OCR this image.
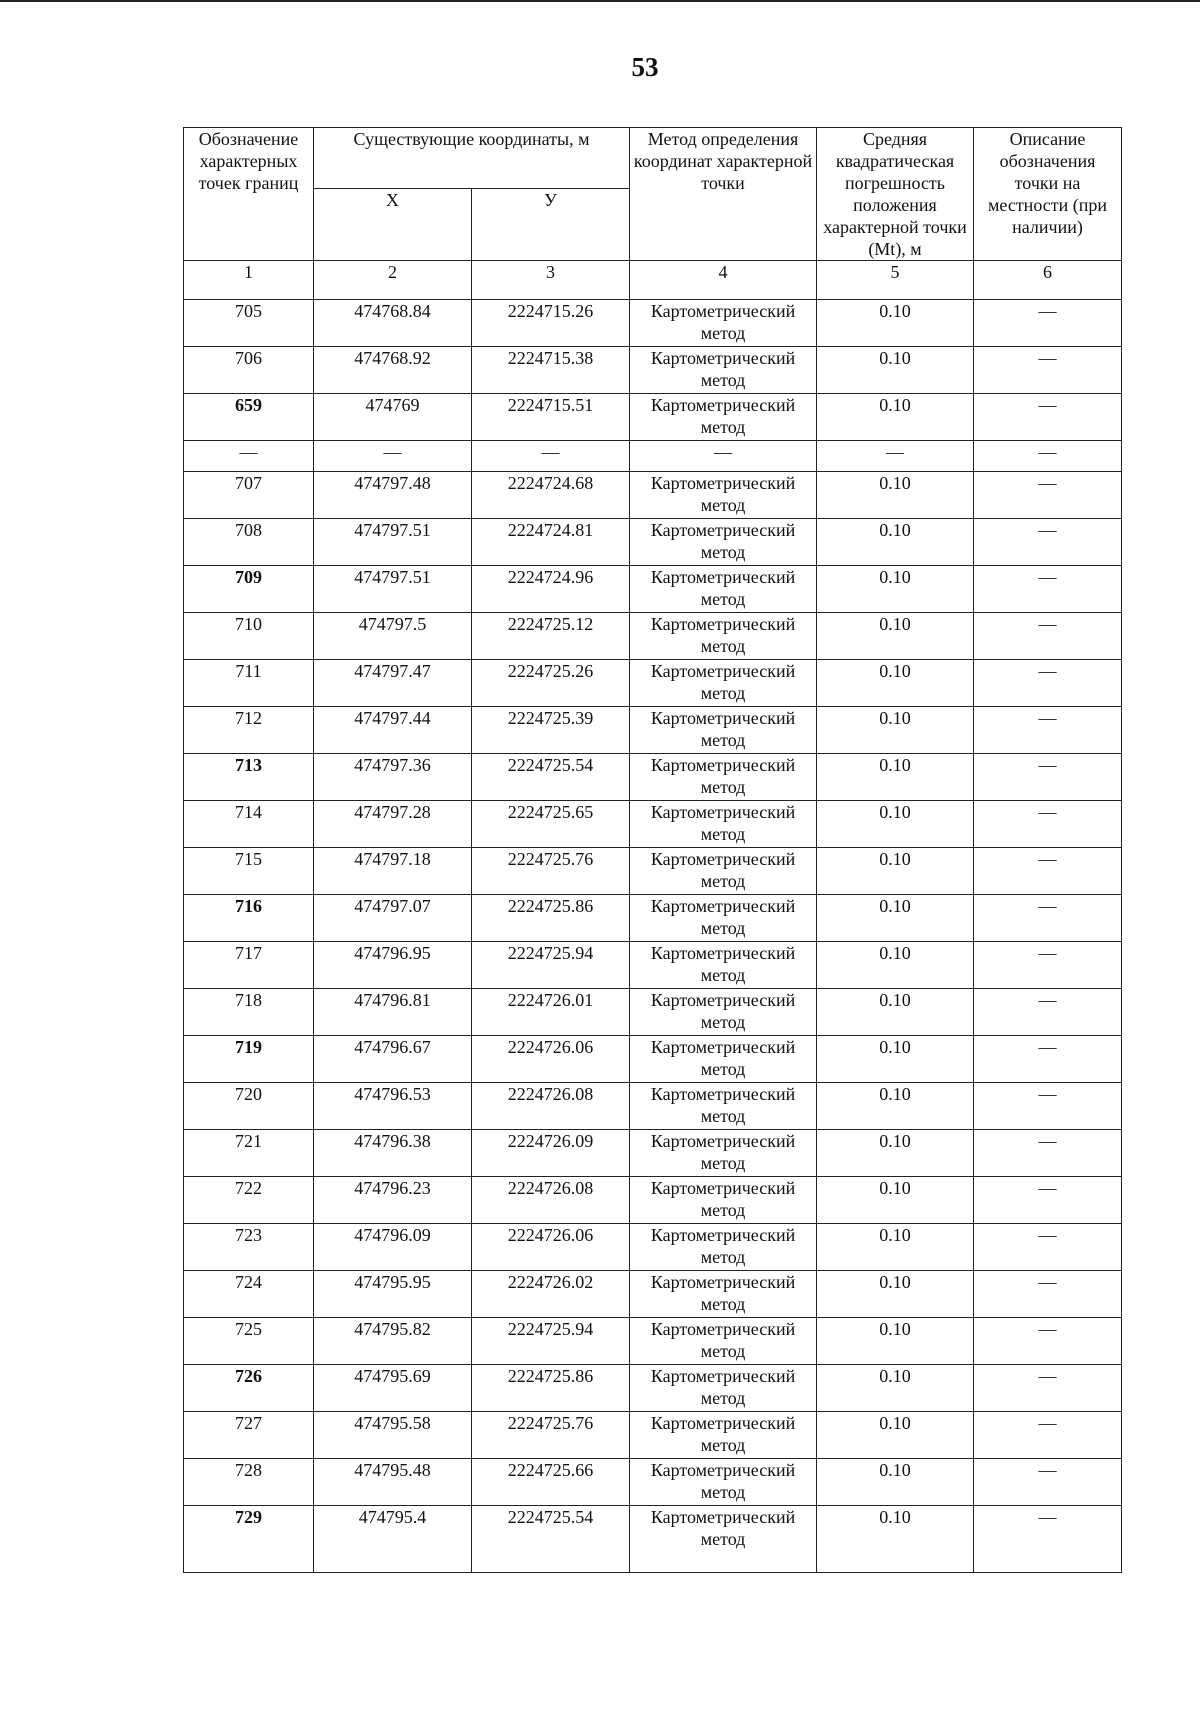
53
Обозначение характерных точек границ	Существующие координаты, м		Метод определения координат характерной точки	Средняя квадратическая погрешность положения характерной точки (Mt), м	Описание обозначения точки на местности (при наличии)
	X	У			
1	2	3	4	5	6
705	474768.84	2224715.26	Картометрический метод	0.10	—
706	474768.92	2224715.38	Картометрический метод	0.10	—
659	474769	2224715.51	Картометрический метод	0.10	—
—	—	—	—	—	—
707	474797.48	2224724.68	Картометрический метод	0.10	—
708	474797.51	2224724.81	Картометрический метод	0.10	—
709	474797.51	2224724.96	Картометрический метод	0.10	—
710	474797.5	2224725.12	Картометрический метод	0.10	—
711	474797.47	2224725.26	Картометрический метод	0.10	—
712	474797.44	2224725.39	Картометрический метод	0.10	—
713	474797.36	2224725.54	Картометрический метод	0.10	—
714	474797.28	2224725.65	Картометрический метод	0.10	—
715	474797.18	2224725.76	Картометрический метод	0.10	—
716	474797.07	2224725.86	Картометрический метод	0.10	—
717	474796.95	2224725.94	Картометрический метод	0.10	—
718	474796.81	2224726.01	Картометрический метод	0.10	—
719	474796.67	2224726.06	Картометрический метод	0.10	—
720	474796.53	2224726.08	Картометрический метод	0.10	—
721	474796.38	2224726.09	Картометрический метод	0.10	—
722	474796.23	2224726.08	Картометрический метод	0.10	—
723	474796.09	2224726.06	Картометрический метод	0.10	—
724	474795.95	2224726.02	Картометрический метод	0.10	—
725	474795.82	2224725.94	Картометрический метод	0.10	—
726	474795.69	2224725.86	Картометрический метод	0.10	—
727	474795.58	2224725.76	Картометрический метод	0.10	—
728	474795.48	2224725.66	Картометрический метод	0.10	—
729	474795.4	2224725.54	Картометрический метод	0.10	—
